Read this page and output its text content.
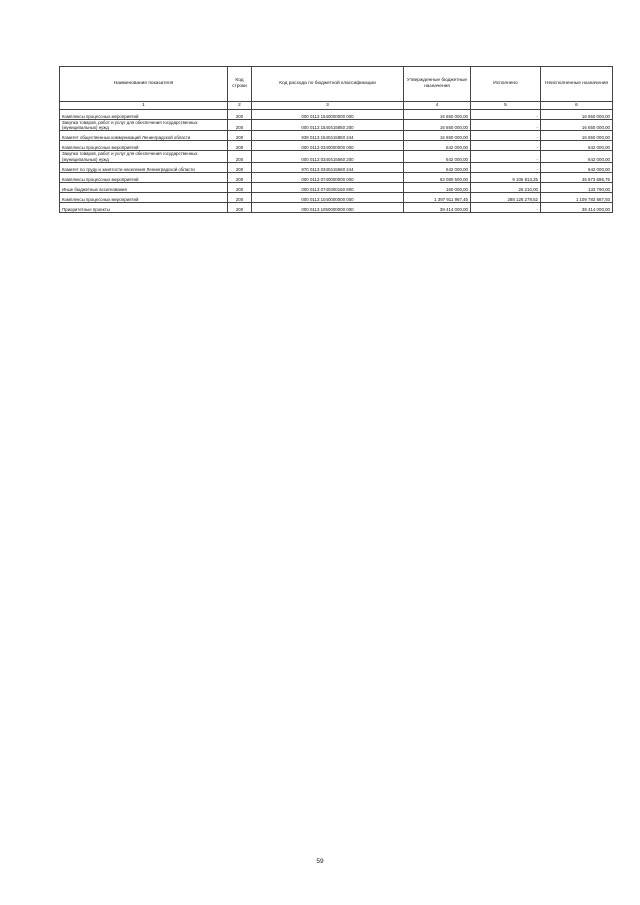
Наименование показателя	Код строки	Код расхода по бюджетной классификации	Утвержденные бюджетные назначения	Исполнено	Неисполненные назначения
1	2	3	4	5	6
Комплексы процессных мероприятий	200	000 0113 1540000000 000	16 650 000,00	-	16 650 000,00
Закупка товаров, работ и услуг для обеспечения государственных (муниципальных) нужд	200	000 0113 1540415850 200	16 650 000,00	-	16 650 000,00
Комитет общественных коммуникаций Ленинградской области	200	938 0113 1540415850 244	16 650 000,00	-	16 650 000,00
Комплексы процессных мероприятий	200	000 0113 0340000000 000	642 000,00	-	642 000,00
Закупка товаров, работ и услуг для обеспечения государственных (муниципальных) нужд	200	000 0113 0340415560 200	642 000,00	-	642 000,00
Комитет по труду и занятости населения Ленинградской области	200	970 0113 0340415560 244	642 000,00	-	642 000,00
Комплексы процессных мероприятий	200	000 0113 0740000000 000	63 080 500,00	9 106 813,25	45 873 686,75
Иные бюджетные ассигнования	200	000 0113 0740300160 800	160 000,00	26 210,00	133 790,00
Комплексы процессных мероприятий	200	000 0113 1040000000 000	1 397 911 987,45	288 128 279,52	1 109 783 687,93
Приоритетные проекты	200	000 0113 1050000000 000	38 414 000,00	-	38 414 000,00
59
